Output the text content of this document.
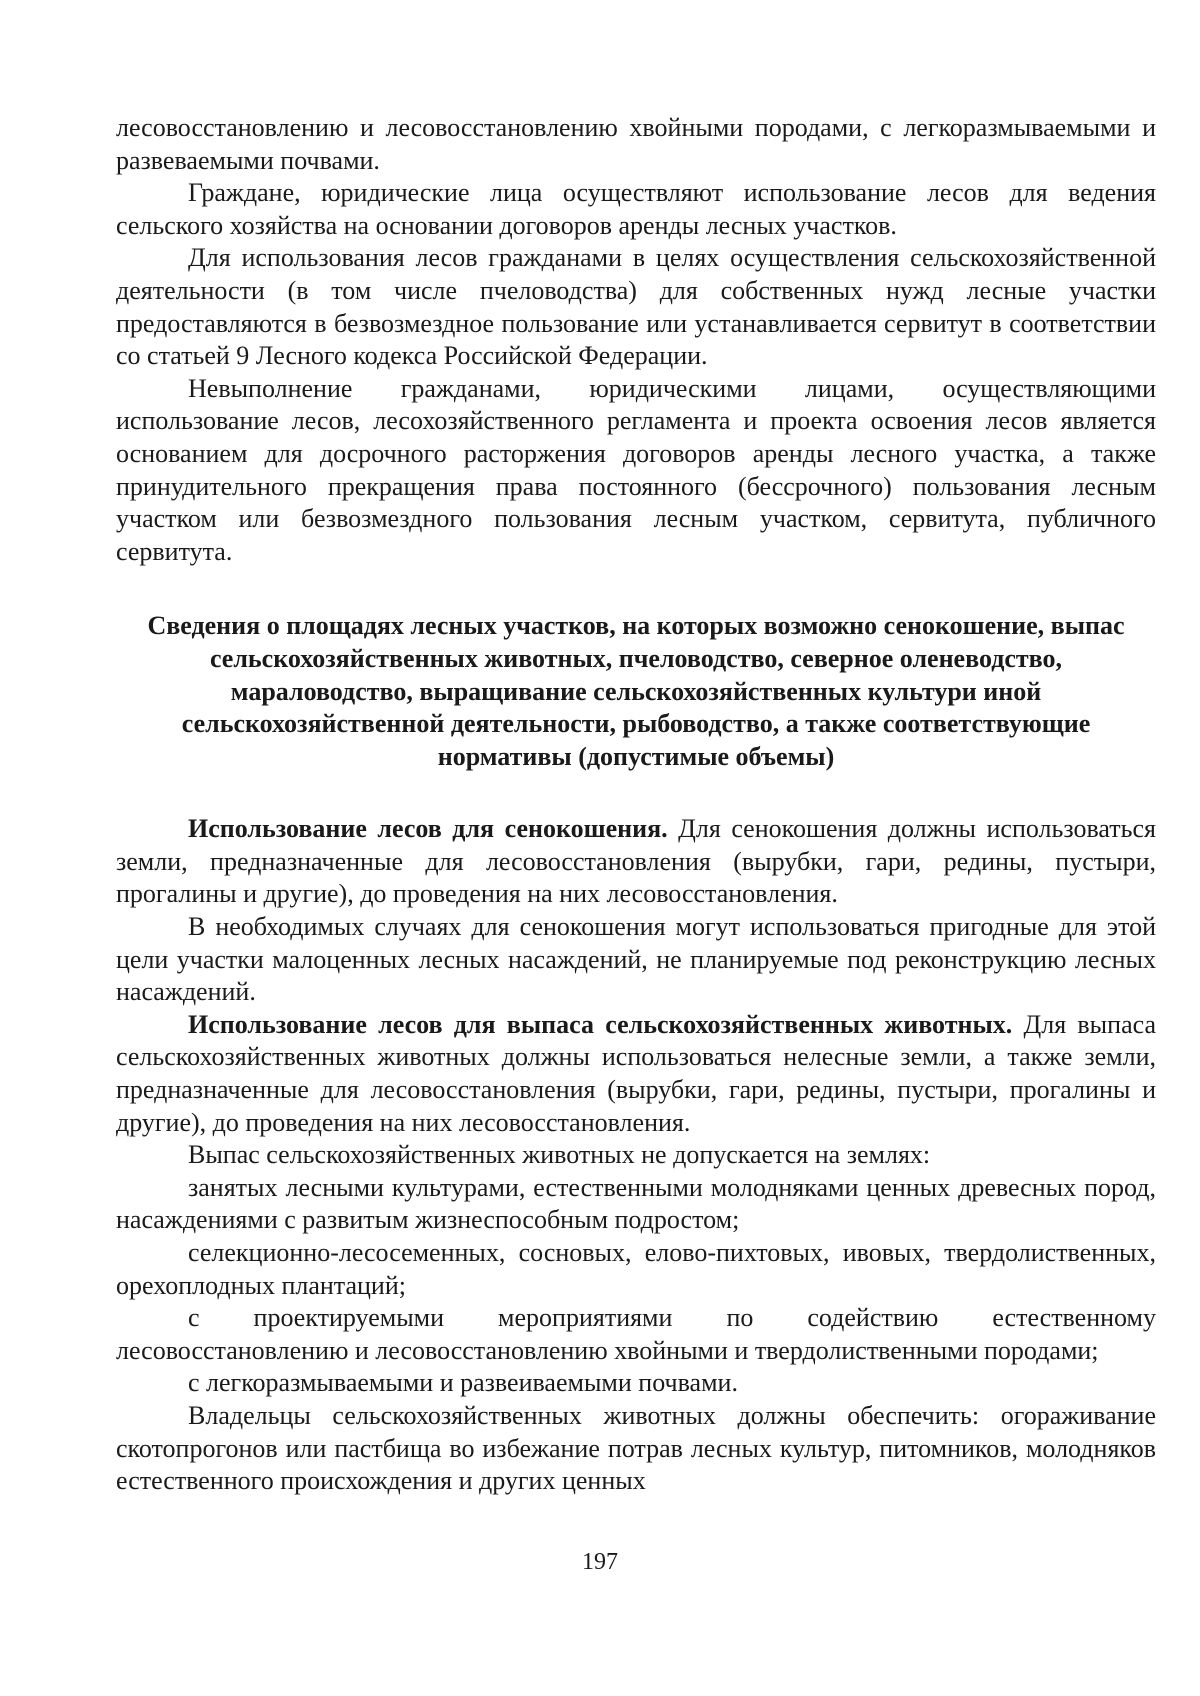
лесовосстановлению и лесовосстановлению хвойными породами, с легкоразмываемыми и развеваемыми почвами.

Граждане, юридические лица осуществляют использование лесов для ведения сельского хозяйства на основании договоров аренды лесных участков.

Для использования лесов гражданами в целях осуществления сельскохозяйственной деятельности (в том числе пчеловодства) для собственных нужд лесные участки предоставляются в безвозмездное пользование или устанавливается сервитут в соответствии со статьей 9 Лесного кодекса Российской Федерации.

Невыполнение гражданами, юридическими лицами, осуществляющими использование лесов, лесохозяйственного регламента и проекта освоения лесов является основанием для досрочного расторжения договоров аренды лесного участка, а также принудительного прекращения права постоянного (бессрочного) пользования лесным участком или безвозмездного пользования лесным участком, сервитута, публичного сервитута.

Сведения о площадях лесных участков, на которых возможно сенокошение, выпас сельскохозяйственных животных, пчеловодство, северное оленеводство, мараловодство, выращивание сельскохозяйственных культури иной сельскохозяйственной деятельности, рыбоводство, а также соответствующие нормативы (допустимые объемы)

Использование лесов для сенокошения. Для сенокошения должны использоваться земли, предназначенные для лесовосстановления (вырубки, гари, редины, пустыри, прогалины и другие), до проведения на них лесовосстановления.

В необходимых случаях для сенокошения могут использоваться пригодные для этой цели участки малоценных лесных насаждений, не планируемые под реконструкцию лесных насаждений.

Использование лесов для выпаса сельскохозяйственных животных. Для выпаса сельскохозяйственных животных должны использоваться нелесные земли, а также земли, предназначенные для лесовосстановления (вырубки, гари, редины, пустыри, прогалины и другие), до проведения на них лесовосстановления.

Выпас сельскохозяйственных животных не допускается на землях:

занятых лесными культурами, естественными молодняками ценных древесных пород, насаждениями с развитым жизнеспособным подростом;

селекционно-лесосеменных, сосновых, елово-пихтовых, ивовых, твердолиственных, орехоплодных плантаций;

с проектируемыми мероприятиями по содействию естественному лесовосстановлению и лесовосстановлению хвойными и твердолиственными породами;

с легкоразмываемыми и развеиваемыми почвами.

Владельцы сельскохозяйственных животных должны обеспечить: огораживание скотопрогонов или пастбища во избежание потрав лесных культур, питомников, молодняков естественного происхождения и других ценных

197
